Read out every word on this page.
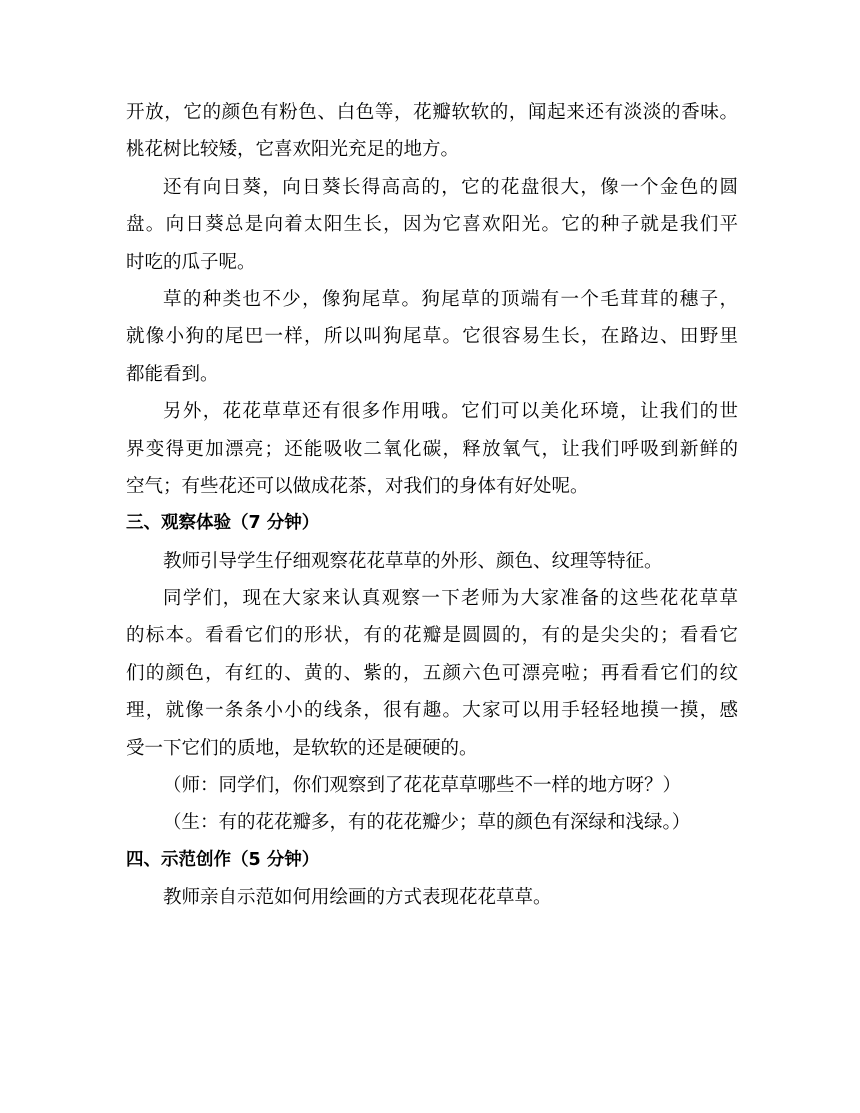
开放，它的颜色有粉色、白色等，花瓣软软的，闻起来还有淡淡的香味。
桃花树比较矮，它喜欢阳光充足的地方。
还有向日葵，向日葵长得高高的，它的花盘很大，像一个金色的圆
盘。向日葵总是向着太阳生长，因为它喜欢阳光。它的种子就是我们平
时吃的瓜子呢。
草的种类也不少，像狗尾草。狗尾草的顶端有一个毛茸茸的穗子，
就像小狗的尾巴一样，所以叫狗尾草。它很容易生长，在路边、田野里
都能看到。
另外，花花草草还有很多作用哦。它们可以美化环境，让我们的世
界变得更加漂亮；还能吸收二氧化碳，释放氧气，让我们呼吸到新鲜的
空气；有些花还可以做成花茶，对我们的身体有好处呢。
三、观察体验（7 分钟）
教师引导学生仔细观察花花草草的外形、颜色、纹理等特征。
同学们，现在大家来认真观察一下老师为大家准备的这些花花草草
的标本。看看它们的形状，有的花瓣是圆圆的，有的是尖尖的；看看它
们的颜色，有红的、黄的、紫的，五颜六色可漂亮啦；再看看它们的纹
理，就像一条条小小的线条，很有趣。大家可以用手轻轻地摸一摸，感
受一下它们的质地，是软软的还是硬硬的。
（师：同学们，你们观察到了花花草草哪些不一样的地方呀？）
（生：有的花花瓣多，有的花花瓣少；草的颜色有深绿和浅绿。）
四、示范创作（5 分钟）
教师亲自示范如何用绘画的方式表现花花草草。
